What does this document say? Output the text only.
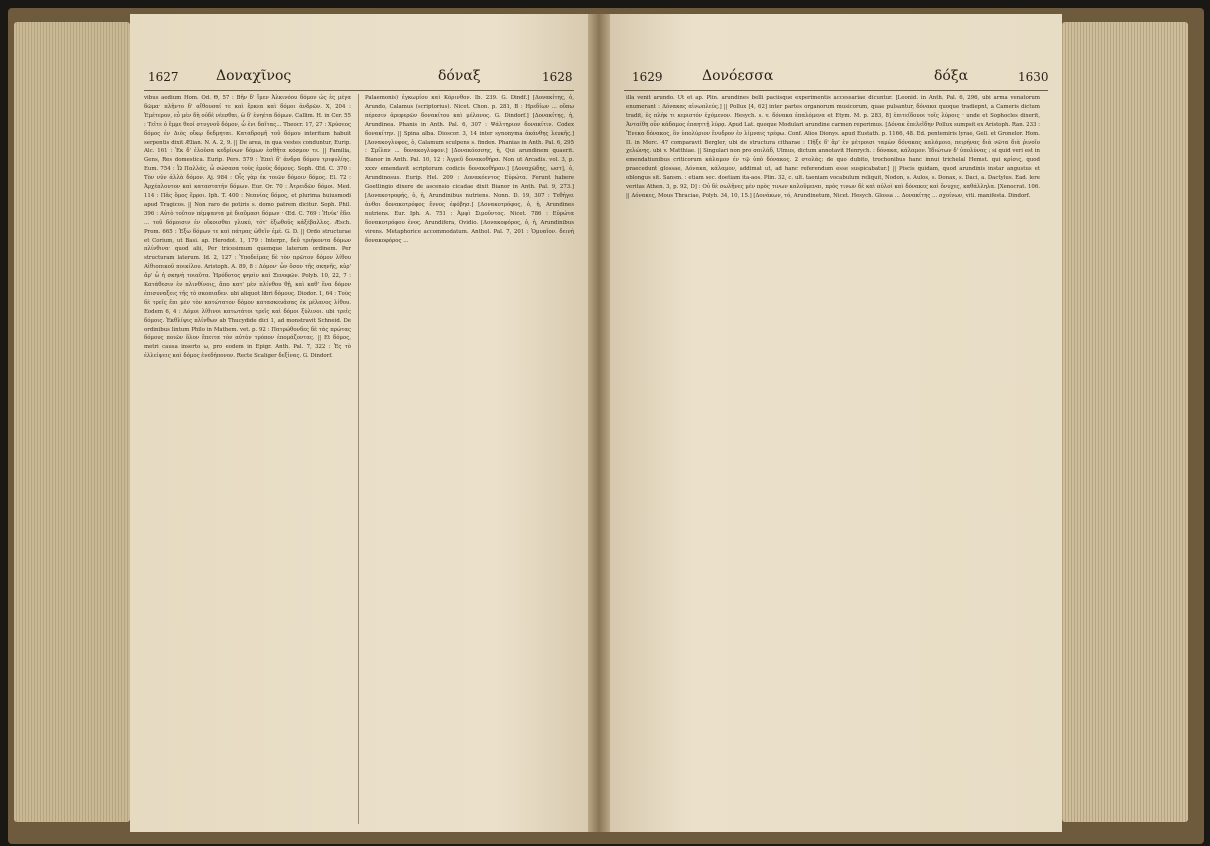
1627	Δοναχῖνος	δόναξ	1628
vibus aedium Hom. Od. Θ, 57 : Βῆν δ' ἴμεν Ἀλκινόου δόμον ὡς ἐς μέγα δῶμα· πλῆντο δ' αἴθουσαί τε καὶ ἕρκεα καὶ δόμοι ἀνδρῶν. X, 204 : Ἐμέτερον, εὖ μὲν δὴ οὐδὲ νέεσθαι, ὡ δ' ἐνηέτα δόμων. Callim. H. in Cer. 55 : Τεῖτε ὁ ἔμμε θεοί στυγνοῦ δόμον, ὦ ἐνι δαῖτας... Theocr. 17, 27 : Χρύσεος δόμος ἐν Διὸς οἴκῳ δεδμηται. Καταδρομῆ τοῦ δόμου interitum habuit serpentis dixit Ælian. N. A. 2, 9. || De area, in qua vestes conduntur, Eurip. Alc. 161 : Ἐκ δ' ἑλοῦσα κεδρίνων δόμων ἐσθῆτα κόσμον τε. || Familia, Gens, Res domestica. Eurip. Pers. 579 : Ἐπεὶ δ' ἀνδρα δόμου τριφυλίης. Eum. 754 : Ὦ Παλλάς, ὦ σώσασα τοὺς ἐμοὺς δόμους. Soph. Œd. C. 370 : Τὸν νῦν ἀλλὰ δόμον. Aj. 984 : Οἷς γὰρ ἐκ τοιῶν δόμοιν δόμος. El. 72 : Ἀρχέπλουτον καὶ καταστατήν δόμων. Eur. Or. 70 : Ἀτρειδῶν δόμοι. Med. 114 : Πᾶς ὅμος ἔρροι. Iph. T. 400 : Νεανίας δόμος, et plurima huiusmodi apud Tragicos. || Non raro de potiris s. domo patrem dicitur. Soph. Phil. 396 : Αὐτὸ τοῦτον πέμψαντα μὲ διαῦμασι δόμων · Œd. C. 769 : Ἡνίκ' ἔδει ... τοῦ δόμοισιν ἐν οἴκοισθαι γλυκύ, τότ' ἐξωθοῦς κἀξέβαλλες. Æsch. Prom. 665 : Ἐξω δόμων τε καὶ πάτρας ὠθεῖν ἐμέ. G. D. || Ordo structurae et Corium, ut Basi. ap. Herodot. 1, 179 : Interpr., δεῦ τριήκοντα δόμων πλίνθινα· quod alii, Per tricesimum quemque laterum ordinem. Per structuram laterum. Id. 2, 127 : Ὑποδείμας δὲ τὸν πρῶτον δόμον λίθου Αἰθιοπικοῦ ποικίλου. Aristoph. A. 89, 8 : Δόμον· ὦν ὅσον τῆς σκηνῆς, κὐρ' ἄρ' ὦ ἡ σκηνὴ τοιαῦτα. Ἡρόδοτος φησὶν καὶ Ξενοφῶν. Polyb. 10, 22, 7 : Κατάθεσιν ἐν πλινθίνοις, ἄπο κατ' μὲν πλίνθου θῇ, καὶ καθ' ἕνα δόμον ἐπισυναξεις τῆς τὸ σκοπιαδεν. ubi aliquot libri δόμους. Diodor. 1, 64 : Τοὺς δὲ τρεῖς ἔπι μὲν τὸν κατώτατον δόμον κατασκευᾶσας ἐκ μέλανος λίθου. Eodem 6, 4 : Δόμοι λίθινοι κατωτάτοι τρεῖς καὶ δόμοι ξύλινοι. ubi τρεῖς δόμοις. Ἐκθλίψις πλίνθων ab Thucydide dici 1, ad monstravit Schneid. De ordinibus lintum Philo in Mathem. vet. p. 92 : Πατρώθονδες δὲ τὰς πρώτας δόμους ποιῶν ὅλον ἔπειτα τὸν αὐτὸν τρόπον ἐπομάζοντας. || Et δόμος, metri causa inserto ω, pro eodem in Epigr. Anth. Pal. 7, 322 : Ἐς τὸ ἐλλείψεις καὶ δόμος ἐνεδήπονον. Recte Scaliger δεξίνας. G. Dindorf.
Palaemonis) ἐγκωμίου καὶ Κόρινθον. Ib. 239. G. Dindf.] [Δονακίτης, ὁ, Arundo, Calamus (scriptorius). Nicet. Chon. p. 281, B : Ηρεδίων ... οὔπω πέρεσιν ἁρεφερῶν δονακίτου καὶ μέλανος. G. Dindorf.] [Δονακίτης, ἡ, Arundinea. Phanis in Anth. Pal. 6, 307 : Ψάλτηριον δονακίτιν. Codex δονακίτην. || Spina alba. Dioscor. 3, 14 inter synonyma ἀκάνθης λευκῆς.] [Δονακογλυφος, ὁ, Calamum sculpens s. finden. Phanias in Anth. Pal. 6, 295 : Σμίλαν ... δονακογλυφον.] [Δονακόεσσης, ἡ, Qui arundinem quaerit. Bianor in Anth. Pal. 10, 12 : Ἀγρεῦ δονακοθήρα. Non ut Arcadis. vol. 3, p. xxxv emendavit scriptorum codicis δονακοθήραν.] [Δοναχῶδης, ωστ], ὁ, Arundinosus. Eurip. Hel. 209 : Δονακόεντος Εὐρώτα. Ferunt habere Goetlingio dixere de ascensio cicadae dixit Bianor in Anth. Pal. 9, 273.] [Δονακοτροφής, ὁ, ἡ, Arundinibus nutriens. Nonn. D. 19, 307 : Τεθήγει ἀνθοι δονακοτρόφος ἔννος ἐφόβησ.] [Δονακοτρόφος, ὁ, ἡ, Arundines nutriens. Eur. Iph. A. 751 : Ἀμφὶ Σιμοῦντος. Nicet. 786 : Εὐρώτα δονακοτρόφου ἐνος. Arundifera, Ovidio. [Δονακοφόρος, ὁ, ἡ, Arundinibus virens. Metaphorice accommodatum. Anthol. Pal. 7, 201 : Ὁμυαῖον. δεινή δονακοφόρος ...
1629	Δονόεσσα	δόξα	1630
illa venit arundo. Ut et ap. Plin. arundines belli paciisque experimentis accessariae dicuntur. [Leonid. in Anth. Pal. 6, 296, ubi arma venatorum enumerant : Δόνακας αἰνωπλεύς.] || Pollux [4, 62] inter partes organorum musicorum, quae pulsantur, δόνακα quoque tradiepnt, a Cameris dictum tradit, ἐς πλὴκ τι κεριστόν ἐχόμενον. Hesych. s. v. δόνακα ἐπαλόμενα et Etym. M. p. 283, 8] ἐπιτείδουοι τοῖς λύροις · unde et Sophocles dixerit, Ἀνταίθη οὖν κάδαμος ἐπαηττῇ λύρᾳ. Apud Lat. quoque Modulari arundine carmen reperimus. [Δόνακ ἐπελεῖδην Pollux sumpsit ex Aristoph. Ran. 233 : Ἔνεκα δόνακος, ὃν ὑπολύριον ἔνυδρον ἐν λίμναις τρέφω. Conf. Alios Dionys. apud Eustath. p. 1166, 48. Ed. pentemiris lyrae, Gell. et Gronelor. Hom. II. in Merc. 47 comparavit Bergler, ubi de structura citharae : Πῆξε δ' ἄρ' ἐν μέτροισι ταμὼν δόνακας καλάμοιο, πειρήνας διὰ νῶτα διὰ ῥινοῖο χελώνης. ubi v. Matthiae. || Singulari non pro σπιλάδ, Ulmus, dictum annotavit Henrych. : δόνακα, κάλαμον. Ἰδιώτων δ' ὑπολύνας ; si quid veri est in emendatiunibus criticorum κάλαμον ἐν τῷ ὑπὸ δόνακος. 2 στολὰς; de quo dubito, trochonibus hanc innui trichelal Hemst. qui κρίσις, quod praecedunt glossae, Δόνακα, κάλαμον, addimat ut, ad hanc referendum esse suspicabatur.] || Piscis quidam, quod arundinis instar angustus et oblongus sit. Sansm. : etiam sec. doetiam ita-aos. Plin. 32, c. ult. taeniam vocabulum reliquit, Nodon, s. Aulos, s. Donax, s. Daci, a. Dactylus. Ead. lere veritas Athen. 3, p. 92, D] : Οὐ δὲ σωλῆνες μὲν πρὸς τινων καλοῦμεναι, πρὸς τινων δὲ καὶ αὐλοὶ καὶ δόνακες καὶ ὄνυχες, καθάλληλα. [Xenocrat. 106. || Δόνακες, Mous Thraciae, Polyb. 34, 10, 15.] [Δονάκων, τό, Arundinetum, Nicet. Hesych. Glossa ... Δονακίτης ... σχοίνων, viti. manifesta. Dindorf.
